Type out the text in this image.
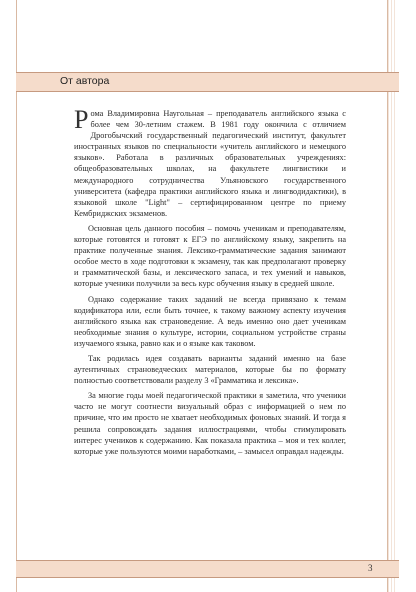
От автора

Рома Владимировна Наугольная – преподаватель английского языка с более чем 30-летним стажем. В 1981 году окончила с отличием Дрогобычский государственный педагогический институт, факультет иностранных языков по специальности «учитель английского и немецкого языков». Работала в различных образовательных учреждениях: общеобразовательных школах, на факультете лингвистики и международного сотрудничества Ульяновского государственного университета (кафедра практики английского языка и лингводидактики), в языковой школе "Light" – сертифицированном центре по приему Кембриджских экзаменов.

Основная цель данного пособия – помочь ученикам и преподавателям, которые готовятся и готовят к ЕГЭ по английскому языку, закрепить на практике полученные знания. Лексико-грамматические задания занимают особое место в ходе подготовки к экзамену, так как предполагают проверку и грамматической базы, и лексического запаса, и тех умений и навыков, которые ученики получили за весь курс обучения языку в средней школе.

Однако содержание таких заданий не всегда привязано к темам кодификатора или, если быть точнее, к такому важному аспекту изучения английского языка как страноведение. А ведь именно оно дает ученикам необходимые знания о культуре, истории, социальном устройстве страны изучаемого языка, равно как и о языке как таковом.

Так родилась идея создавать варианты заданий именно на базе аутентичных страноведческих материалов, которые бы по формату полностью соответствовали разделу 3 «Грамматика и лексика».

За многие годы моей педагогической практики я заметила, что ученики часто не могут соотнести визуальный образ с информацией о нем по причине, что им просто не хватает необходимых фоновых знаний. И тогда я решила сопровождать задания иллюстрациями, чтобы стимулировать интерес учеников к содержанию. Как показала практика – моя и тех коллег, которые уже пользуются моими наработками, – замысел оправдал надежды.

3
